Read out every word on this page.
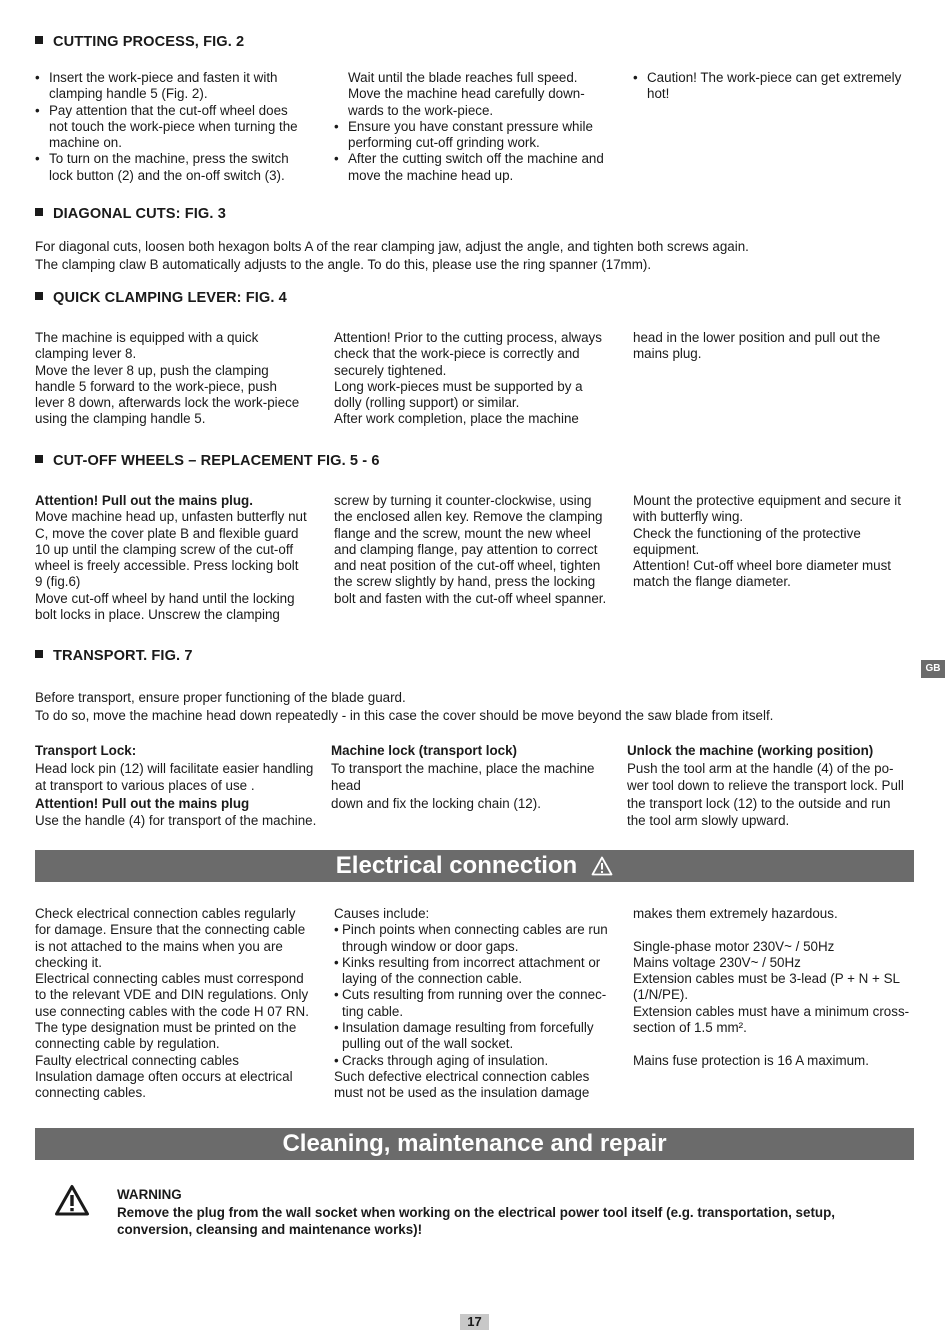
CUTTING PROCESS, FIG. 2
• Insert the work-piece and fasten it with
clamping handle 5 (Fig. 2).
• Pay attention that the cut-off wheel does
not touch the work-piece when turning the
machine on.
• To turn on the machine, press the switch
lock button (2) and the on-off switch (3).
Wait until the blade reaches full speed.
Move the machine head carefully down-
wards to the work-piece.
• Ensure you have constant pressure while
performing cut-off grinding work.
• After the cutting switch off the machine and
move the machine head up.
• Caution! The work-piece can get extremely
hot!
DIAGONAL CUTS: FIG. 3

For diagonal cuts, loosen both hexagon bolts A of the rear clamping jaw, adjust the angle, and tighten both screws again.

The clamping claw B automatically adjusts to the angle. To do this, please use the ring spanner (17mm).

QUICK CLAMPING LEVER: FIG. 4

The machine is equipped with a quick

clamping lever 8.

Move the lever 8 up, push the clamping

handle 5 forward to the work-piece, push

lever 8 down, afterwards lock the work-piece

using the clamping handle 5.

Attention! Prior to the cutting process, always

check that the work-piece is correctly and

securely tightened.

Long work-pieces must be supported by a

dolly (rolling support) or similar.

After work completion, place the machine

head in the lower position and pull out the

mains plug.

CUT-OFF WHEELS – REPLACEMENT FIG. 5 - 6

Attention! Pull out the mains plug.

Move machine head up, unfasten butterfly nut

C, move the cover plate B and flexible guard

10 up until the clamping screw of the cut-off

wheel is freely accessible. Press locking bolt

9 (fig.6)

Move cut-off wheel by hand until the locking

bolt locks in place. Unscrew the clamping

screw by turning it counter-clockwise, using

the enclosed allen key. Remove the clamping

flange and the screw, mount the new wheel

and clamping flange, pay attention to correct

and neat position of the cut-off wheel, tighten

the screw slightly by hand, press the locking

bolt and fasten with the cut-off wheel spanner.

Mount the protective equipment and secure it

with butterfly wing.

Check the functioning of the protective

equipment.

Attention! Cut-off wheel bore diameter must

match the flange diameter.

TRANSPORT. FIG. 7

Before transport, ensure proper functioning of the blade guard.

To do so, move the machine head down repeatedly - in this case the cover should be move beyond the saw blade from itself.

Transport Lock:

Head lock pin (12) will facilitate easier handling

at transport to various places of use .

Attention! Pull out the mains plug

Use the handle (4) for transport of the machine.

Machine lock (transport lock)

To transport the machine, place the machine

head

down and fix the locking chain (12).

Unlock the machine (working position)

Push the tool arm at the handle (4) of the po-

wer tool down to relieve the transport lock. Pull

the transport lock (12) to the outside and run

the tool arm slowly upward.

GB
Electrical connection

Check electrical connection cables regularly

for damage. Ensure that the connecting cable

is not attached to the mains when you are

checking it.

Electrical connecting cables must correspond

to the relevant VDE and DIN regulations. Only

use connecting cables with the code H 07 RN.

The type designation must be printed on the

connecting cable by regulation.

Faulty electrical connecting cables

Insulation damage often occurs at electrical

connecting cables.

Causes include:

• Pinch points when connecting cables are run
through window or door gaps.
• Kinks resulting from incorrect attachment or
laying of the connection cable.
• Cuts resulting from running over the connec-
ting cable.
• Insulation damage resulting from forcefully
pulling out of the wall socket.
• Cracks through aging of insulation.

Such defective electrical connection cables

must not be used as the insulation damage

makes them extremely hazardous.

Single-phase motor 230V~ / 50Hz

Mains voltage 230V~ / 50Hz

Extension cables must be 3-lead (P + N + SL

(1/N/PE).

Extension cables must have a minimum cross-

section of 1.5 mm².

Mains fuse protection is 16 A maximum.

Cleaning, maintenance and repair
WARNING
Remove the plug from the wall socket when working on the electrical power tool itself (e.g. transportation, setup,
conversion, cleansing and maintenance works)!
17
